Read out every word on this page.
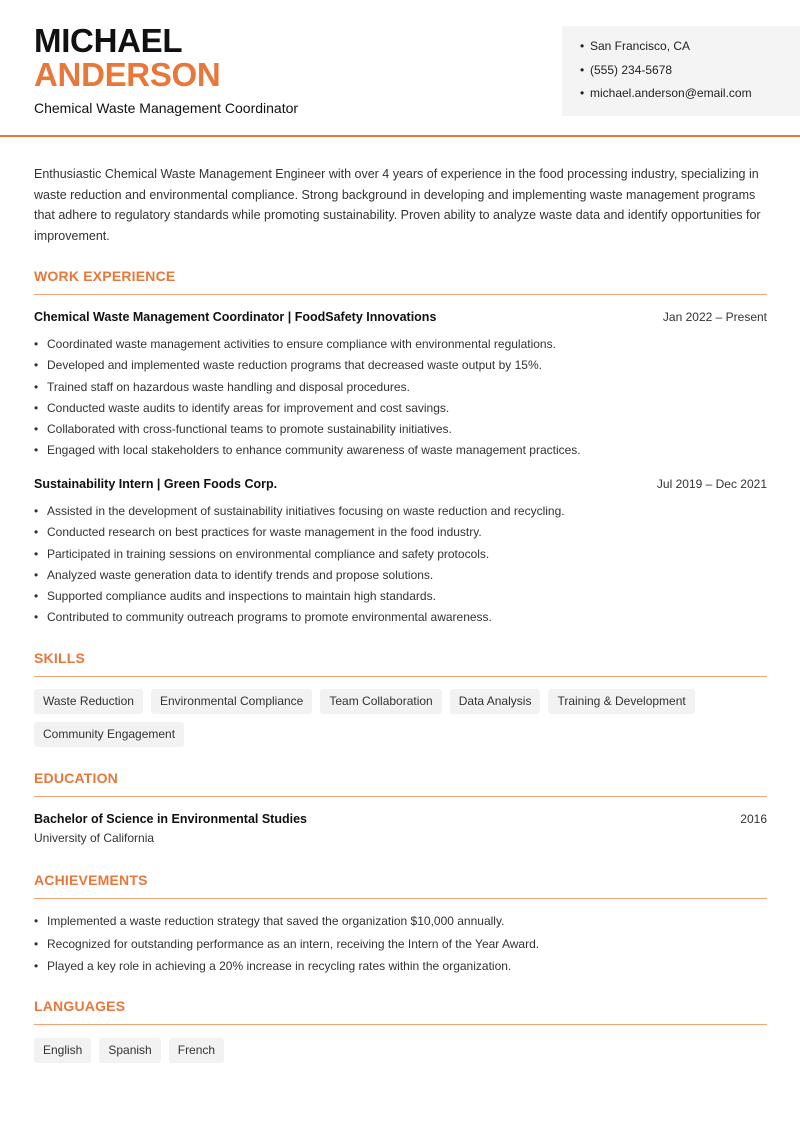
MICHAEL
ANDERSON
Chemical Waste Management Coordinator
• San Francisco, CA
• (555) 234-5678
• michael.anderson@email.com

Enthusiastic Chemical Waste Management Engineer with over 4 years of experience in the food processing industry, specializing in waste reduction and environmental compliance. Strong background in developing and implementing waste management programs that adhere to regulatory standards while promoting sustainability. Proven ability to analyze waste data and identify opportunities for improvement.

WORK EXPERIENCE
Chemical Waste Management Coordinator | FoodSafety Innovations	Jan 2022 – Present
• Coordinated waste management activities to ensure compliance with environmental regulations.
• Developed and implemented waste reduction programs that decreased waste output by 15%.
• Trained staff on hazardous waste handling and disposal procedures.
• Conducted waste audits to identify areas for improvement and cost savings.
• Collaborated with cross-functional teams to promote sustainability initiatives.
• Engaged with local stakeholders to enhance community awareness of waste management practices.
Sustainability Intern | Green Foods Corp.	Jul 2019 – Dec 2021
• Assisted in the development of sustainability initiatives focusing on waste reduction and recycling.
• Conducted research on best practices for waste management in the food industry.
• Participated in training sessions on environmental compliance and safety protocols.
• Analyzed waste generation data to identify trends and propose solutions.
• Supported compliance audits and inspections to maintain high standards.
• Contributed to community outreach programs to promote environmental awareness.
SKILLS
Waste Reduction	Environmental Compliance	Team Collaboration	Data Analysis	Training & Development
Community Engagement
EDUCATION
Bachelor of Science in Environmental Studies	2016
University of California
ACHIEVEMENTS
• Implemented a waste reduction strategy that saved the organization $10,000 annually.
• Recognized for outstanding performance as an intern, receiving the Intern of the Year Award.
• Played a key role in achieving a 20% increase in recycling rates within the organization.
LANGUAGES
English	Spanish	French
